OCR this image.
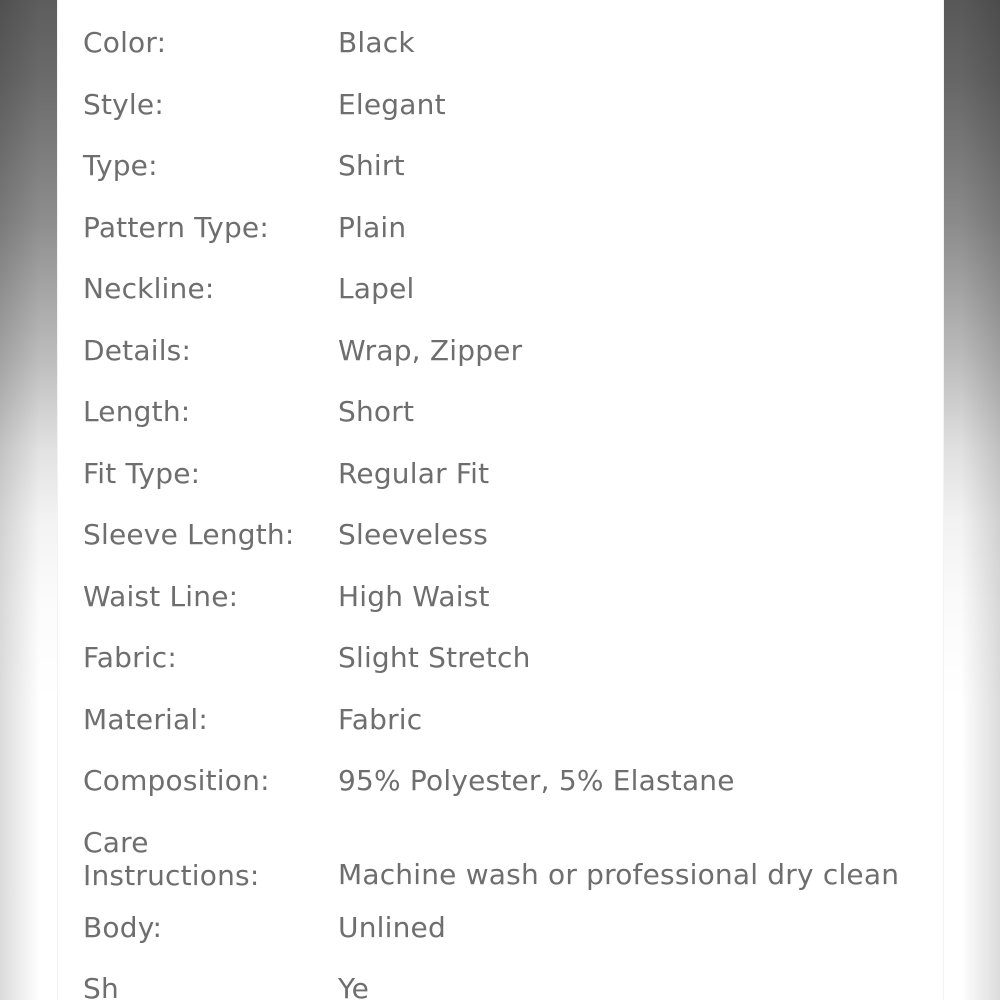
Color:	Black
Style:	Elegant
Type:	Shirt
Pattern Type:	Plain
Neckline:	Lapel
Details:	Wrap, Zipper
Length:	Short
Fit Type:	Regular Fit
Sleeve Length:	Sleeveless
Waist Line:	High Waist
Fabric:	Slight Stretch
Material:	Fabric
Composition:	95% Polyester, 5% Elastane
Care
Instructions:	Machine wash or professional dry clean
Body:	Unlined
Sh	Ye
